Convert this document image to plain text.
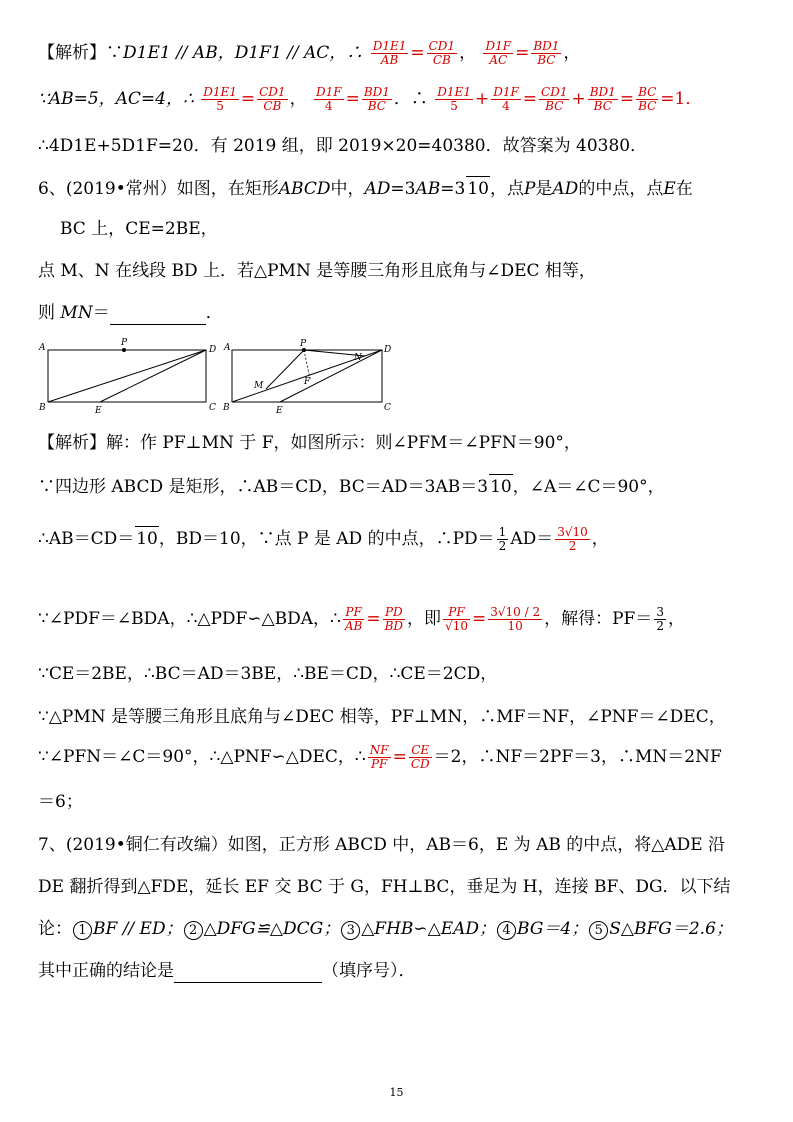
【解析】∵D1E1 // AB，D1F1 // AC，∴ $\frac{D1E1}{AB} = \frac{CD1}{CB}$ ， $\frac{D1F}{AC} = \frac{BD1}{BC}$ ，
∵AB=5，AC=4，∴ $\frac{D1E1}{5} = \frac{CD1}{CB}$ ， $\frac{D1F}{4} = \frac{BD1}{BC}$ ．∴ $\frac{D1E1}{5} + \frac{D1F}{4} = \frac{CD1}{BC} + \frac{BD1}{BC} = \frac{BC}{BC} =1$．
∴4D1E+5D1F=20．有 2019 组，即 2019×20=40380．故答案为 40380．
6、(2019•常州）如图，在矩形ABCD中，AD=3AB=3 10，点P是AD的中点，点E在
BC 上，CE=2BE，
点 M、N 在线段 BD 上．若△PMN 是等腰三角形且底角与∠DEC 相等，
则 MN＝	．
A	P
D
B	E	C
A	P
N
D
M	F
B	E	C
【解析】解：作 PF⊥MN 于 F，如图所示：则∠PFM＝∠PFN＝90°，
∵四边形 ABCD 是矩形，∴AB＝CD，BC＝AD＝3AB＝3 10，∠A＝∠C＝90°，
∴AB＝CD＝ 10，BD＝10，∵点 P 是 AD 的中点，∴PD＝ $\frac{1}{2} AD= \frac{3√10}{2}$ ，
∵∠PDF＝∠BDA，∴△PDF∽△BDA，∴ $\frac{PF}{AB} = \frac{PD}{BD}$ ，即 $\frac{PF}{√10} = \frac{3√10 / 2}{10}$ ，解得：$PF= \frac{3}{2}$ ，
∵CE＝2BE，∴BC＝AD＝3BE，∴BE＝CD，∴CE＝2CD，
∵△PMN 是等腰三角形且底角与∠DEC 相等，PF⊥MN，∴MF＝NF，∠PNF＝∠DEC，
∵∠PFN＝∠C＝90°，∴△PNF∽△DEC，∴ $\frac{NF}{PF} = \frac{CE}{CD} =2$，∴NF＝2PF＝3，∴MN＝2NF
＝6；
7、(2019•铜仁有改编）如图，正方形 ABCD 中，AB＝6，E 为 AB 的中点，将△ADE 沿
DE 翻折得到△FDE，延长 EF 交 BC 于 G，FH⊥BC，垂足为 H，连接 BF、DG．以下结
论： 1 BF // ED； 2 △DFG≌△DCG； 3 △FHB∽△EAD； 4 BG＝4； 5 S△BFG＝2.6；
其中正确的结论是	（填序号）．
15
